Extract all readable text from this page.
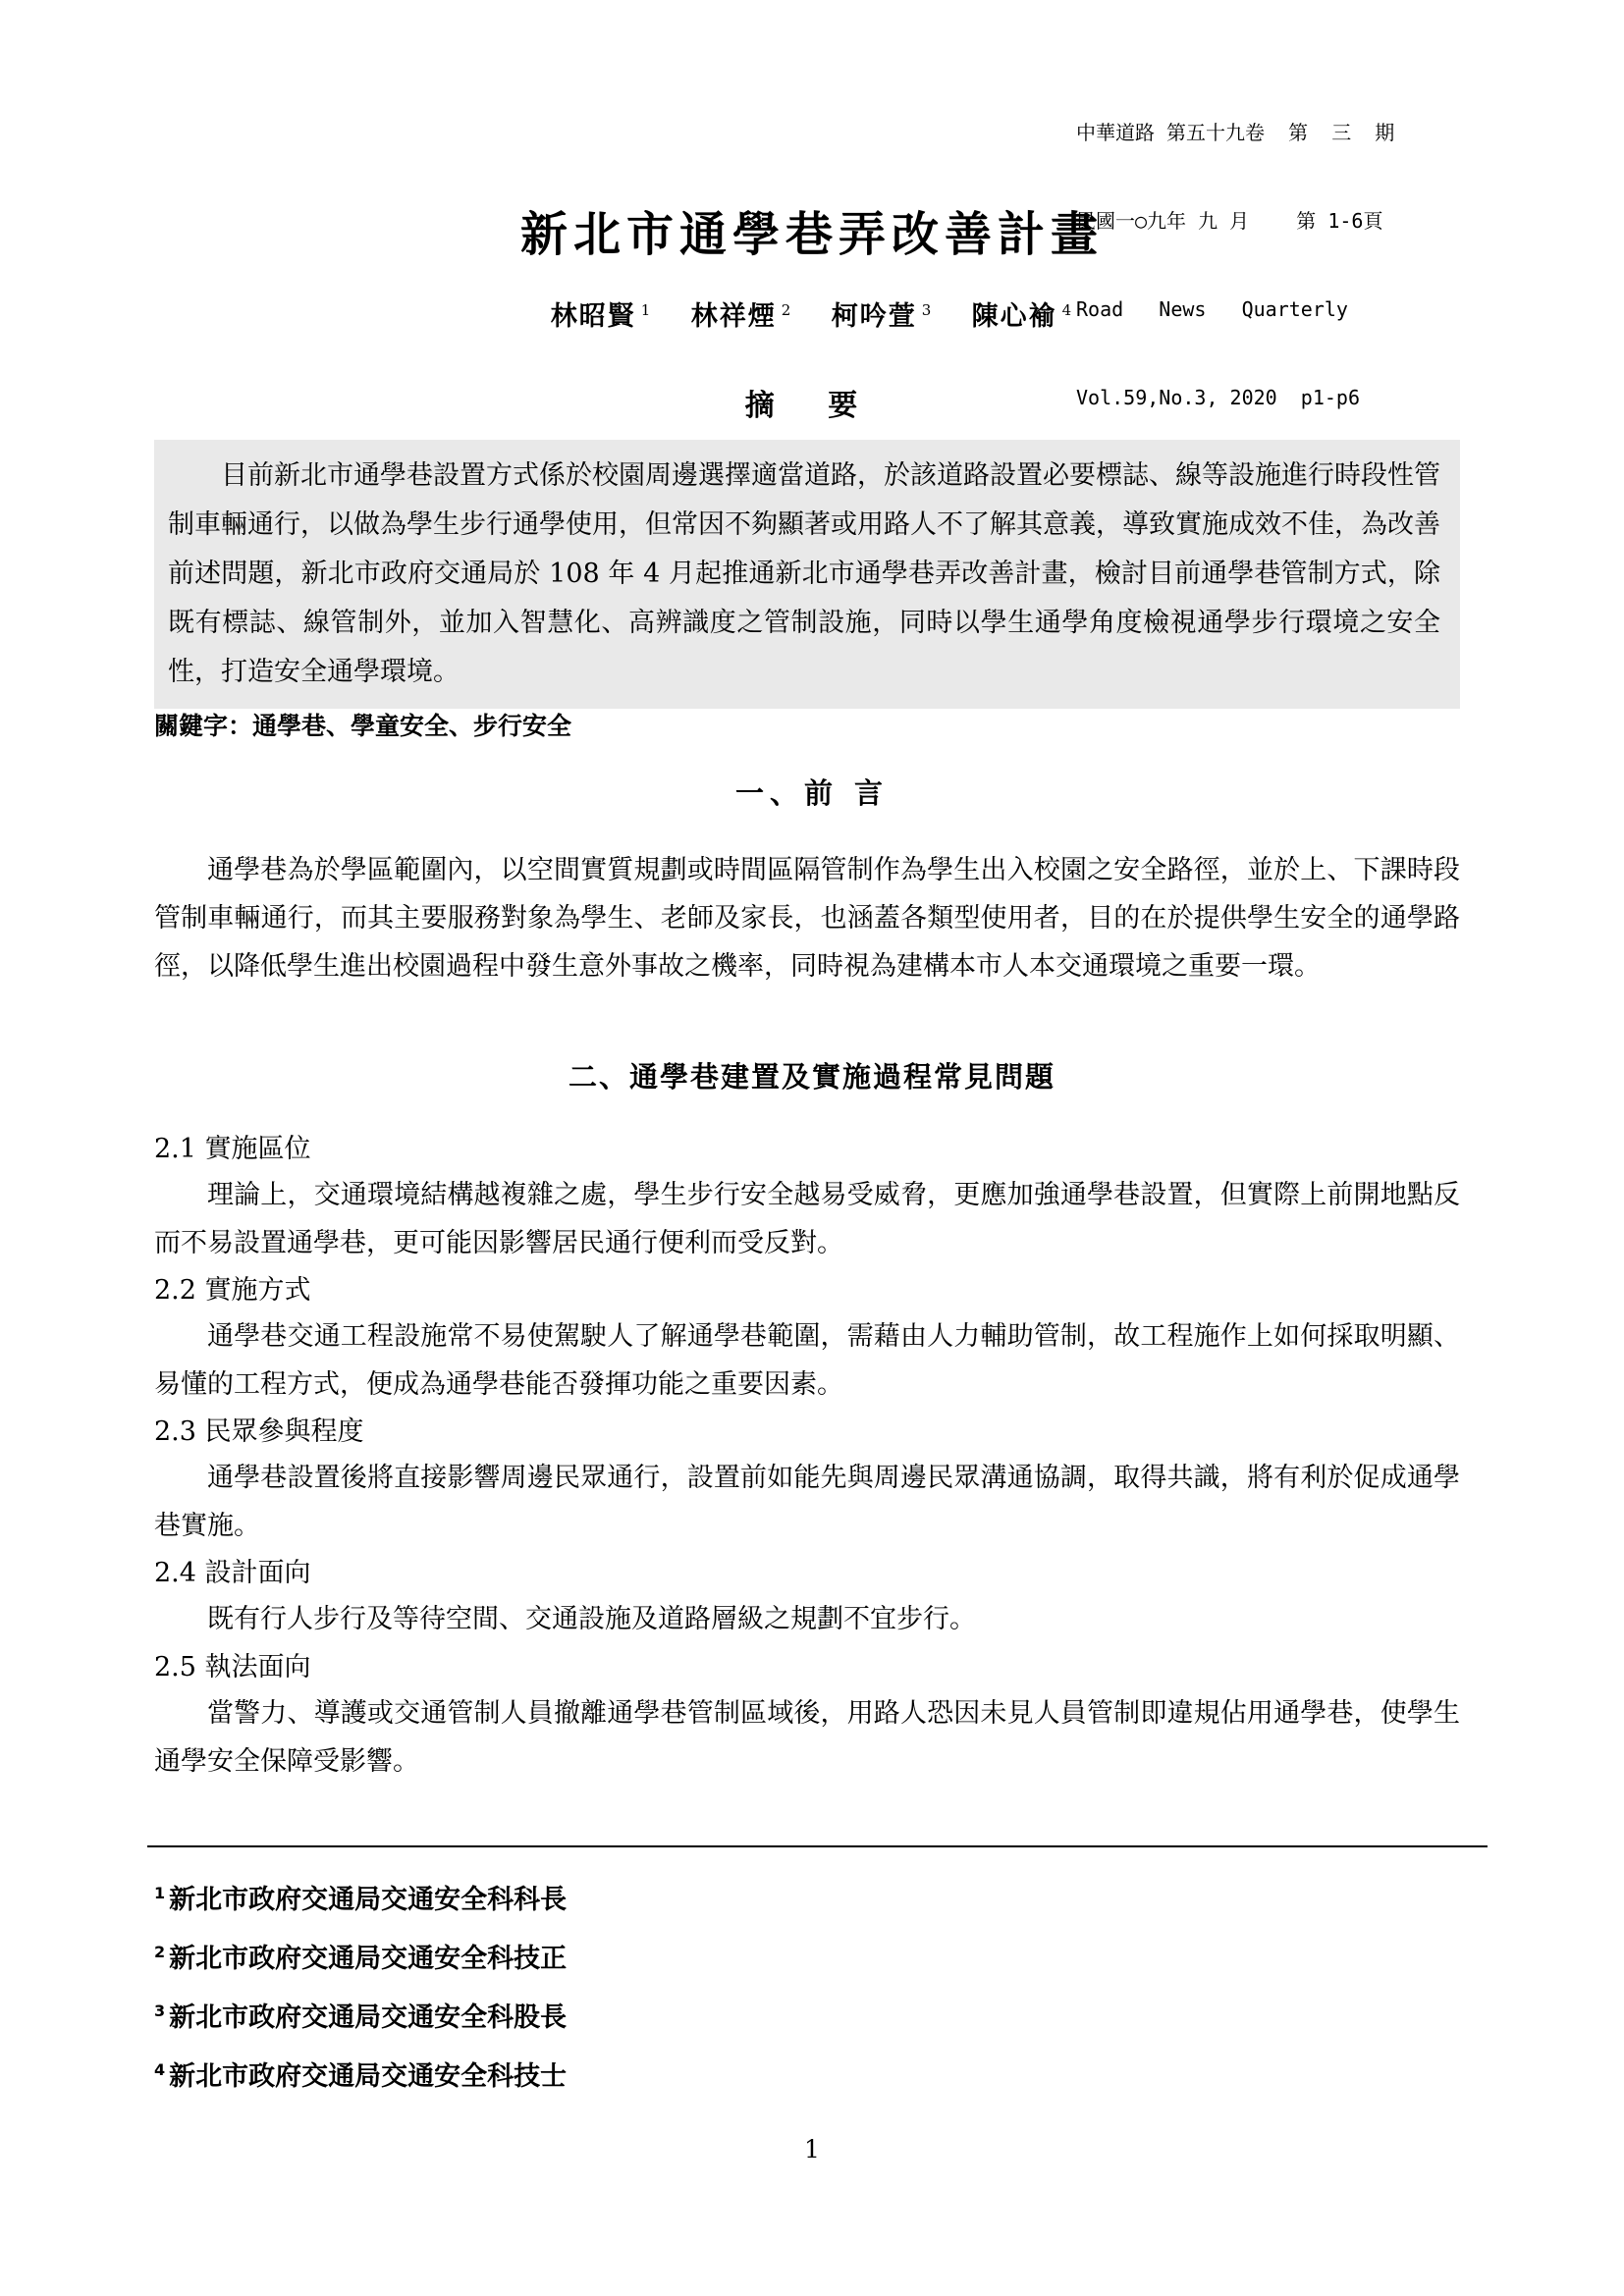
中華道路 第五十九卷  第  三  期

民國一○九年 九 月    第 1-6頁

Road   News   Quarterly

Vol.59,No.3, 2020  p1-p6

新北市通學巷弄改善計畫
林昭賢 $^1$ 林祥煙 $^2$ 柯吟萱 $^3$ 陳心褕 $^4$
摘 要
目前新北市通學巷設置方式係於校園周邊選擇適當道路，於該道路設置必要標誌、線等設施進行時段性管制車輛通行，以做為學生步行通學使用，但常因不夠顯著或用路人不了解其意義，導致實施成效不佳，為改善前述問題，新北市政府交通局於 108 年 4 月起推通新北市通學巷弄改善計畫，檢討目前通學巷管制方式，除既有標誌、線管制外，並加入智慧化、高辨識度之管制設施，同時以學生通學角度檢視通學步行環境之安全性，打造安全通學環境。
關鍵字：通學巷、學童安全、步行安全
一、前 言
通學巷為於學區範圍內，以空間實質規劃或時間區隔管制作為學生出入校園之安全路徑，並於上、下課時段管制車輛通行，而其主要服務對象為學生、老師及家長，也涵蓋各類型使用者，目的在於提供學生安全的通學路徑，以降低學生進出校園過程中發生意外事故之機率，同時視為建構本市人本交通環境之重要一環。
二、通學巷建置及實施過程常見問題
2.1 實施區位
理論上，交通環境結構越複雜之處，學生步行安全越易受威脅，更應加強通學巷設置，但實際上前開地點反而不易設置通學巷，更可能因影響居民通行便利而受反對。
2.2 實施方式
通學巷交通工程設施常不易使駕駛人了解通學巷範圍，需藉由人力輔助管制，故工程施作上如何採取明顯、易懂的工程方式，便成為通學巷能否發揮功能之重要因素。
2.3 民眾參與程度
通學巷設置後將直接影響周邊民眾通行，設置前如能先與周邊民眾溝通協調，取得共識，將有利於促成通學巷實施。
2.4 設計面向
既有行人步行及等待空間、交通設施及道路層級之規劃不宜步行。
2.5 執法面向
當警力、導護或交通管制人員撤離通學巷管制區域後，用路人恐因未見人員管制即違規佔用通學巷，使學生通學安全保障受影響。
$^1$ 新北市政府交通局交通安全科科長
$^2$ 新北市政府交通局交通安全科技正
$^3$ 新北市政府交通局交通安全科股長
$^4$ 新北市政府交通局交通安全科技士
1
